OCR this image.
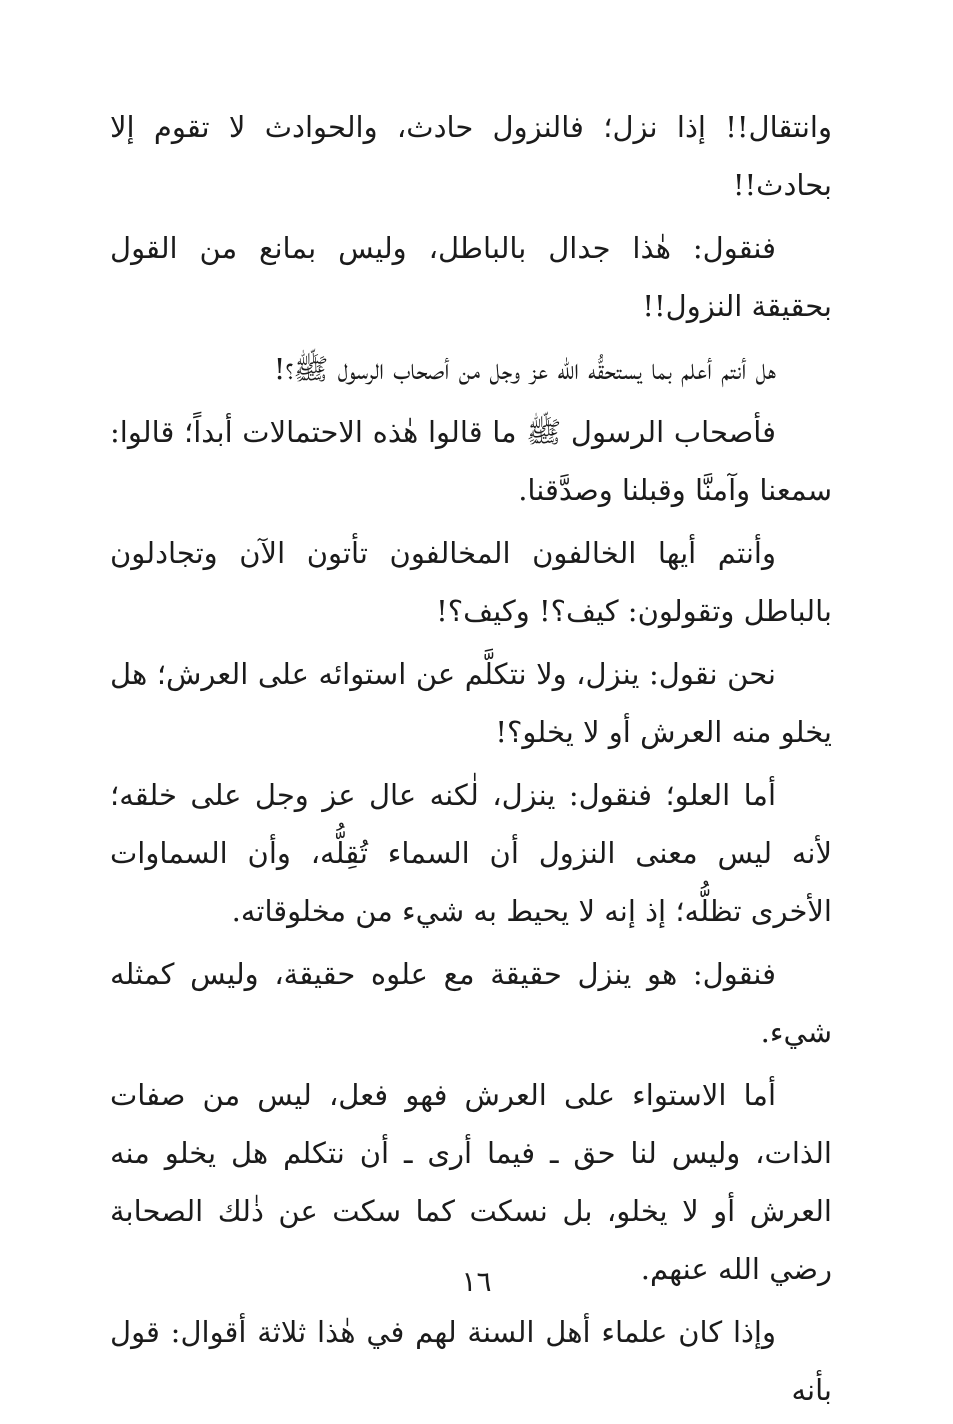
وانتقال!! إذا نزل؛ فالنزول حادث، والحوادث لا تقوم إلا بحادث!!

فنقول: هٰذا جدال بالباطل، وليس بمانع من القول بحقيقة النزول!!

هل أنتم أعلم بما يستحقُّه الله عز وجل من أصحاب الرسول ﷺ؟!

فأصحاب الرسول ﷺ ما قالوا هٰذه الاحتمالات أبداً؛ قالوا: سمعنا وآمنَّا وقبلنا وصدَّقنا.

وأنتم أيها الخالفون المخالفون تأتون الآن وتجادلون بالباطل وتقولون: كيف؟! وكيف؟!

نحن نقول: ينزل، ولا نتكلَّم عن استوائه على العرش؛ هل يخلو منه العرش أو لا يخلو؟!

أما العلو؛ فنقول: ينزل، لٰكنه عال عز وجل على خلقه؛ لأنه ليس معنى النزول أن السماء تُقِلُّه، وأن السماوات الأخرى تظلُّه؛ إذ إنه لا يحيط به شيء من مخلوقاته.

فنقول: هو ينزل حقيقة مع علوه حقيقة، وليس كمثله شيء.

أما الاستواء على العرش فهو فعل، ليس من صفات الذات، وليس لنا حق ـ فيما أرى ـ أن نتكلم هل يخلو منه العرش أو لا يخلو، بل نسكت كما سكت عن ذٰلك الصحابة رضي الله عنهم.

وإذا كان علماء أهل السنة لهم في هٰذا ثلاثة أقوال: قول بأنه

١٦
